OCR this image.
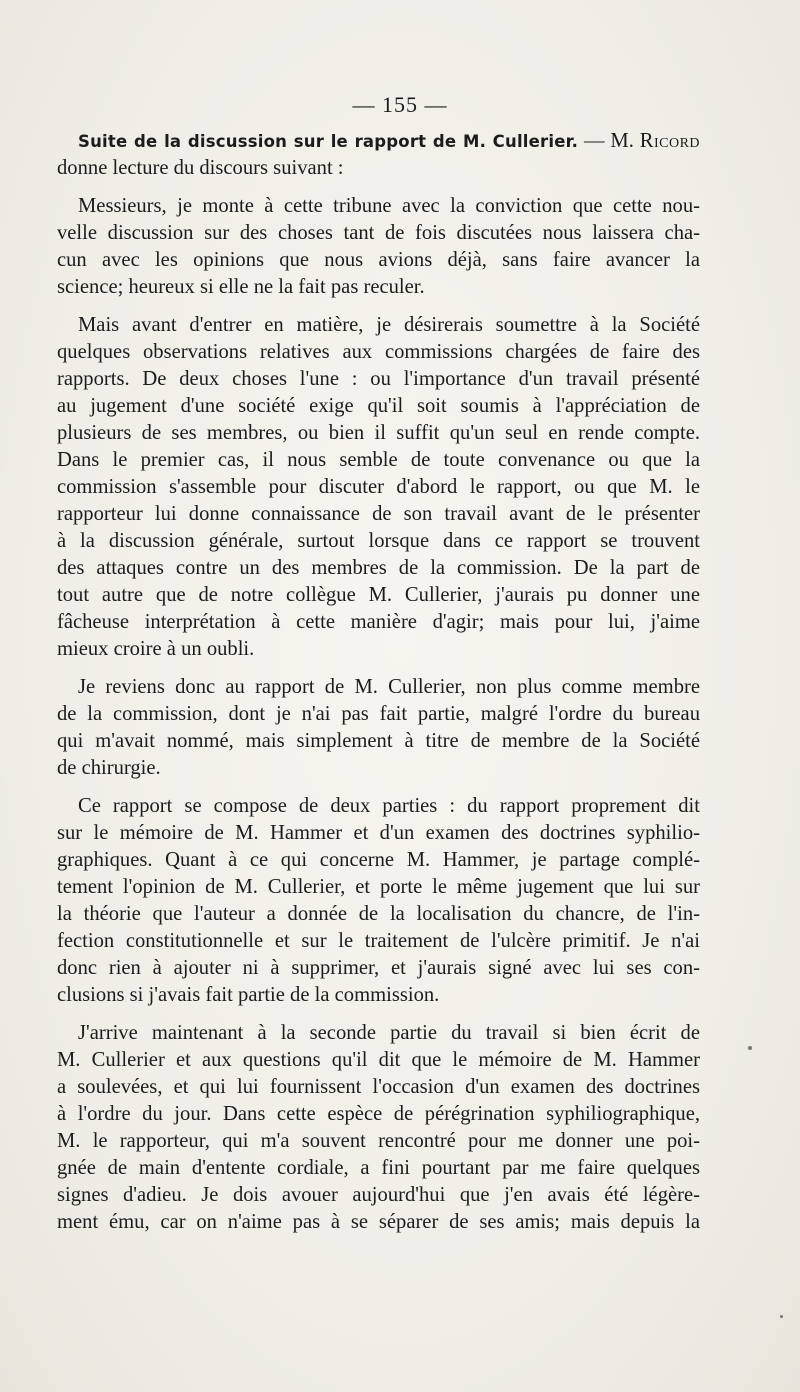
— 155 —
Suite de la discussion sur le rapport de M. Cullerier. — M. Ricord
donne lecture du discours suivant :
Messieurs, je monte à cette tribune avec la conviction que cette nou-
velle discussion sur des choses tant de fois discutées nous laissera cha-
cun avec les opinions que nous avions déjà, sans faire avancer la
science; heureux si elle ne la fait pas reculer.
Mais avant d'entrer en matière, je désirerais soumettre à la Société
quelques observations relatives aux commissions chargées de faire des
rapports. De deux choses l'une : ou l'importance d'un travail présenté
au jugement d'une société exige qu'il soit soumis à l'appréciation de
plusieurs de ses membres, ou bien il suffit qu'un seul en rende compte.
Dans le premier cas, il nous semble de toute convenance ou que la
commission s'assemble pour discuter d'abord le rapport, ou que M. le
rapporteur lui donne connaissance de son travail avant de le présenter
à la discussion générale, surtout lorsque dans ce rapport se trouvent
des attaques contre un des membres de la commission. De la part de
tout autre que de notre collègue M. Cullerier, j'aurais pu donner une
fâcheuse interprétation à cette manière d'agir; mais pour lui, j'aime
mieux croire à un oubli.
Je reviens donc au rapport de M. Cullerier, non plus comme membre
de la commission, dont je n'ai pas fait partie, malgré l'ordre du bureau
qui m'avait nommé, mais simplement à titre de membre de la Société
de chirurgie.
Ce rapport se compose de deux parties : du rapport proprement dit
sur le mémoire de M. Hammer et d'un examen des doctrines syphilio-
graphiques. Quant à ce qui concerne M. Hammer, je partage complé-
tement l'opinion de M. Cullerier, et porte le même jugement que lui sur
la théorie que l'auteur a donnée de la localisation du chancre, de l'in-
fection constitutionnelle et sur le traitement de l'ulcère primitif. Je n'ai
donc rien à ajouter ni à supprimer, et j'aurais signé avec lui ses con-
clusions si j'avais fait partie de la commission.
J'arrive maintenant à la seconde partie du travail si bien écrit de
M. Cullerier et aux questions qu'il dit que le mémoire de M. Hammer
a soulevées, et qui lui fournissent l'occasion d'un examen des doctrines
à l'ordre du jour. Dans cette espèce de pérégrination syphiliographique,
M. le rapporteur, qui m'a souvent rencontré pour me donner une poi-
gnée de main d'entente cordiale, a fini pourtant par me faire quelques
signes d'adieu. Je dois avouer aujourd'hui que j'en avais été légère-
ment ému, car on n'aime pas à se séparer de ses amis; mais depuis la
